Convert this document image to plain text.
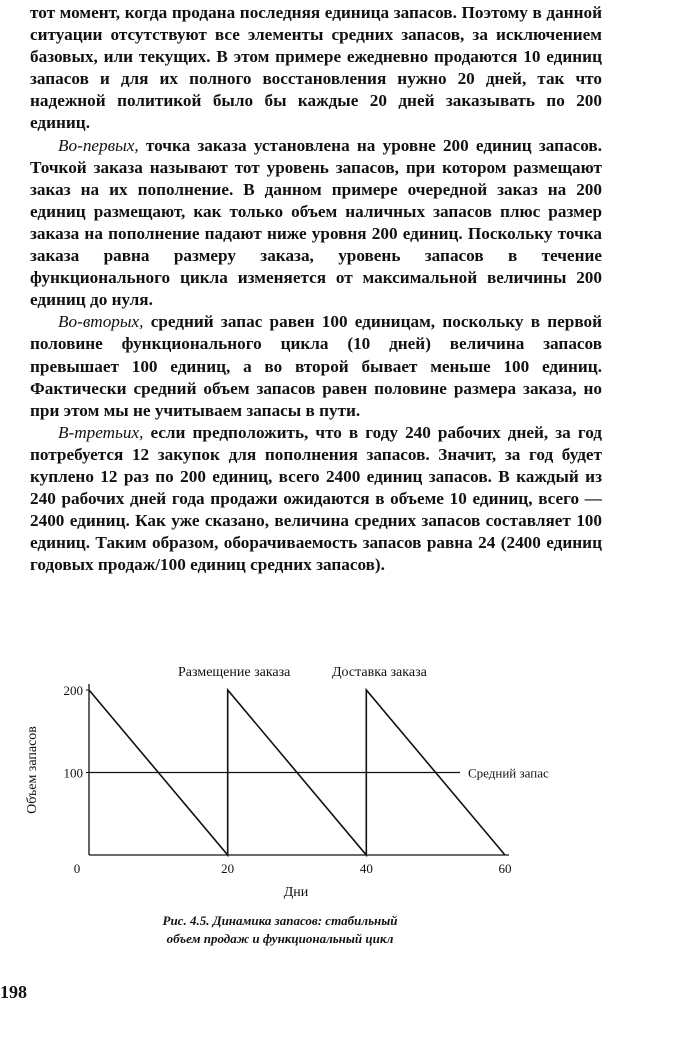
тот момент, когда продана последняя единица запасов. Поэтому в данной ситуации отсутствуют все элементы средних запасов, за исключением базовых, или текущих. В этом примере ежедневно продаются 10 единиц запасов и для их полного восстановления нужно 20 дней, так что надежной политикой было бы каждые 20 дней заказывать по 200 единиц.

Во-первых, точка заказа установлена на уровне 200 единиц запасов. Точкой заказа называют тот уровень запасов, при котором размещают заказ на их пополнение. В данном примере очередной заказ на 200 единиц размещают, как только объем наличных запасов плюс размер заказа на пополнение падают ниже уровня 200 единиц. Поскольку точка заказа равна размеру заказа, уровень запасов в течение функционального цикла изменяется от максимальной величины 200 единиц до нуля.

Во-вторых, средний запас равен 100 единицам, поскольку в первой половине функционального цикла (10 дней) величина запасов превышает 100 единиц, а во второй бывает меньше 100 единиц. Фактически средний объем запасов равен половине размера заказа, но при этом мы не учитываем запасы в пути.

В-третьих, если предположить, что в году 240 рабочих дней, за год потребуется 12 закупок для пополнения запасов. Значит, за год будет куплено 12 раз по 200 единиц, всего 2400 единиц запасов. В каждый из 240 рабочих дней года продажи ожидаются в объеме 10 единиц, всего — 2400 единиц. Как уже сказано, величина средних запасов составляет 100 единиц. Таким образом, оборачиваемость запасов равна 24 (2400 единиц годовых продаж/100 единиц средних запасов).

Размещение заказа	Доставка заказа
Объем запасов
Дни
100
200
0	20	40	60
Средний запас
Рис. 4.5. Динамика запасов: стабильный
объем продаж и функциональный цикл
198
